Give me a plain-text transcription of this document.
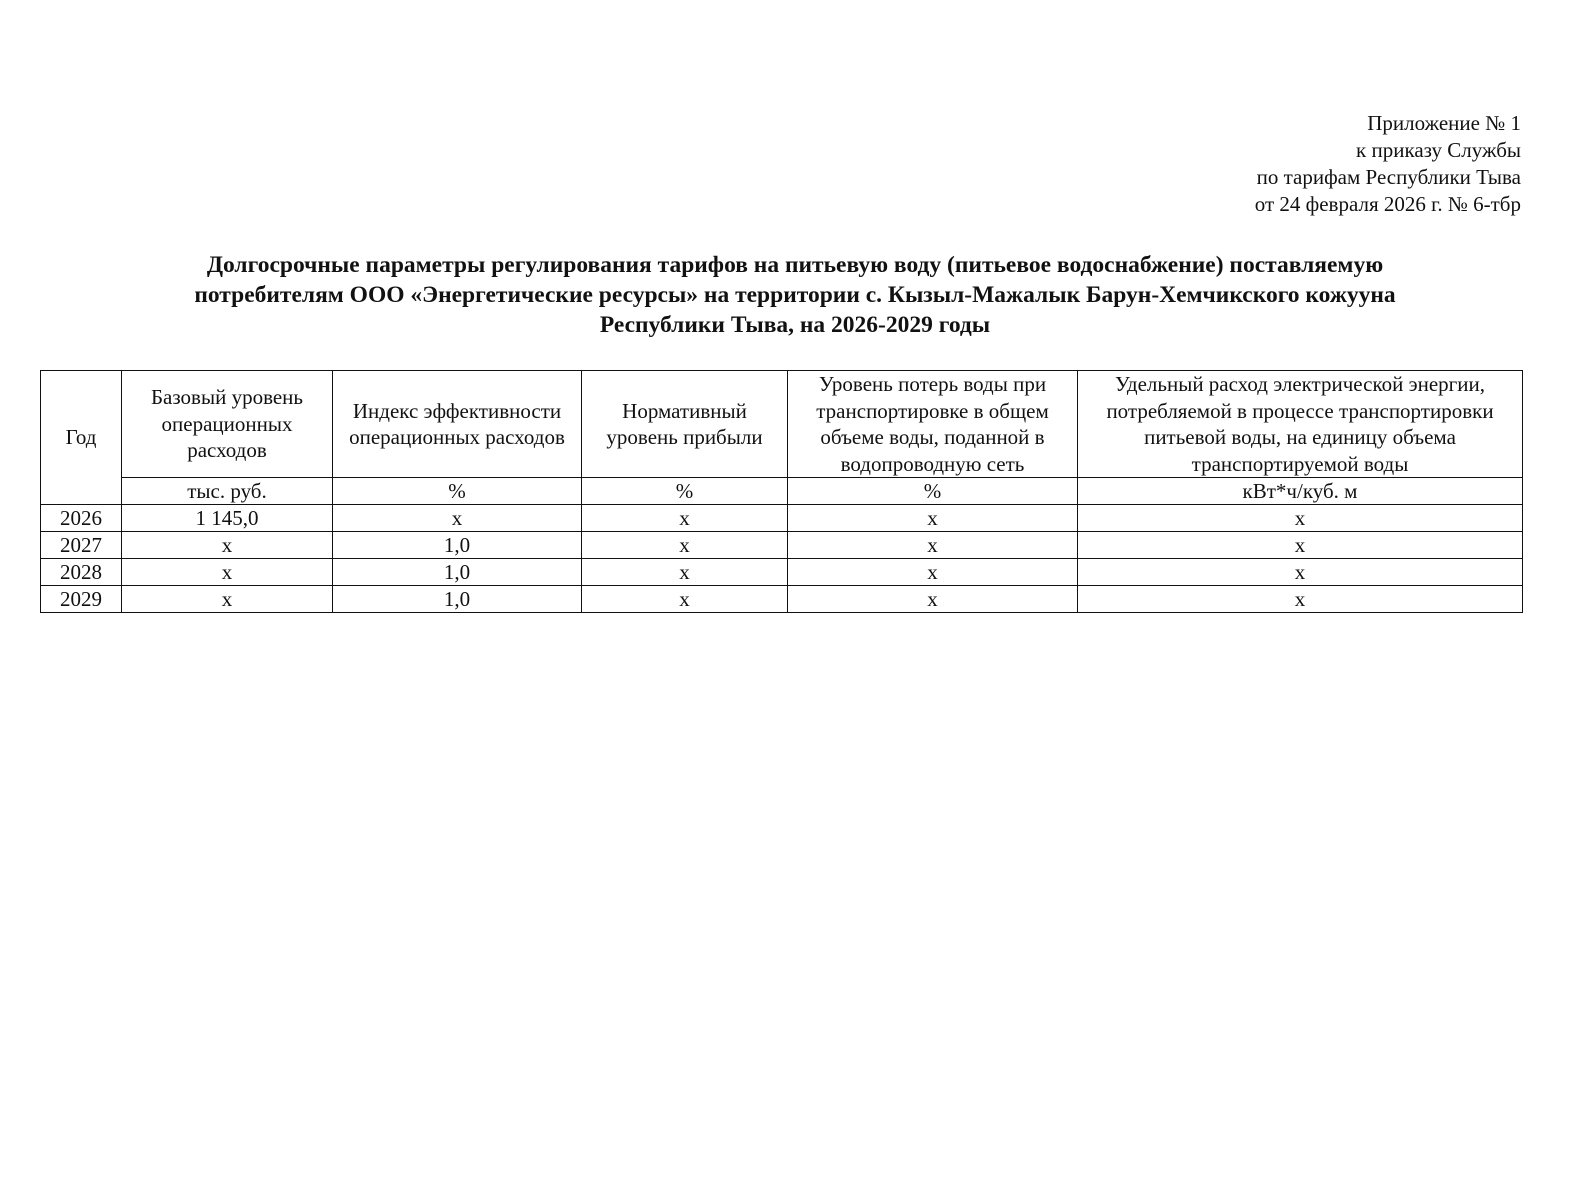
Приложение № 1
к приказу Службы
по тарифам Республики Тыва
от 24 февраля 2026 г. № 6-тбр
Долгосрочные параметры регулирования тарифов на питьевую воду (питьевое водоснабжение) поставляемую
потребителям ООО «Энергетические ресурсы» на территории с. Кызыл-Мажалык Барун-Хемчикского кожууна
Республики Тыва, на 2026-2029 годы
Год	Базовый уровень операционных расходов	Индекс эффективности операционных расходов	Нормативный уровень прибыли	Уровень потерь воды при транспортировке в общем объеме воды, поданной в водопроводную сеть	Удельный расход электрической энергии, потребляемой в процессе транспортировки питьевой воды, на единицу объема транспортируемой воды
	тыс. руб.	%	%	%	кВт*ч/куб. м
2026	1 145,0	х	х	х	х
2027	х	1,0	х	х	х
2028	х	1,0	х	х	х
2029	х	1,0	х	х	х
